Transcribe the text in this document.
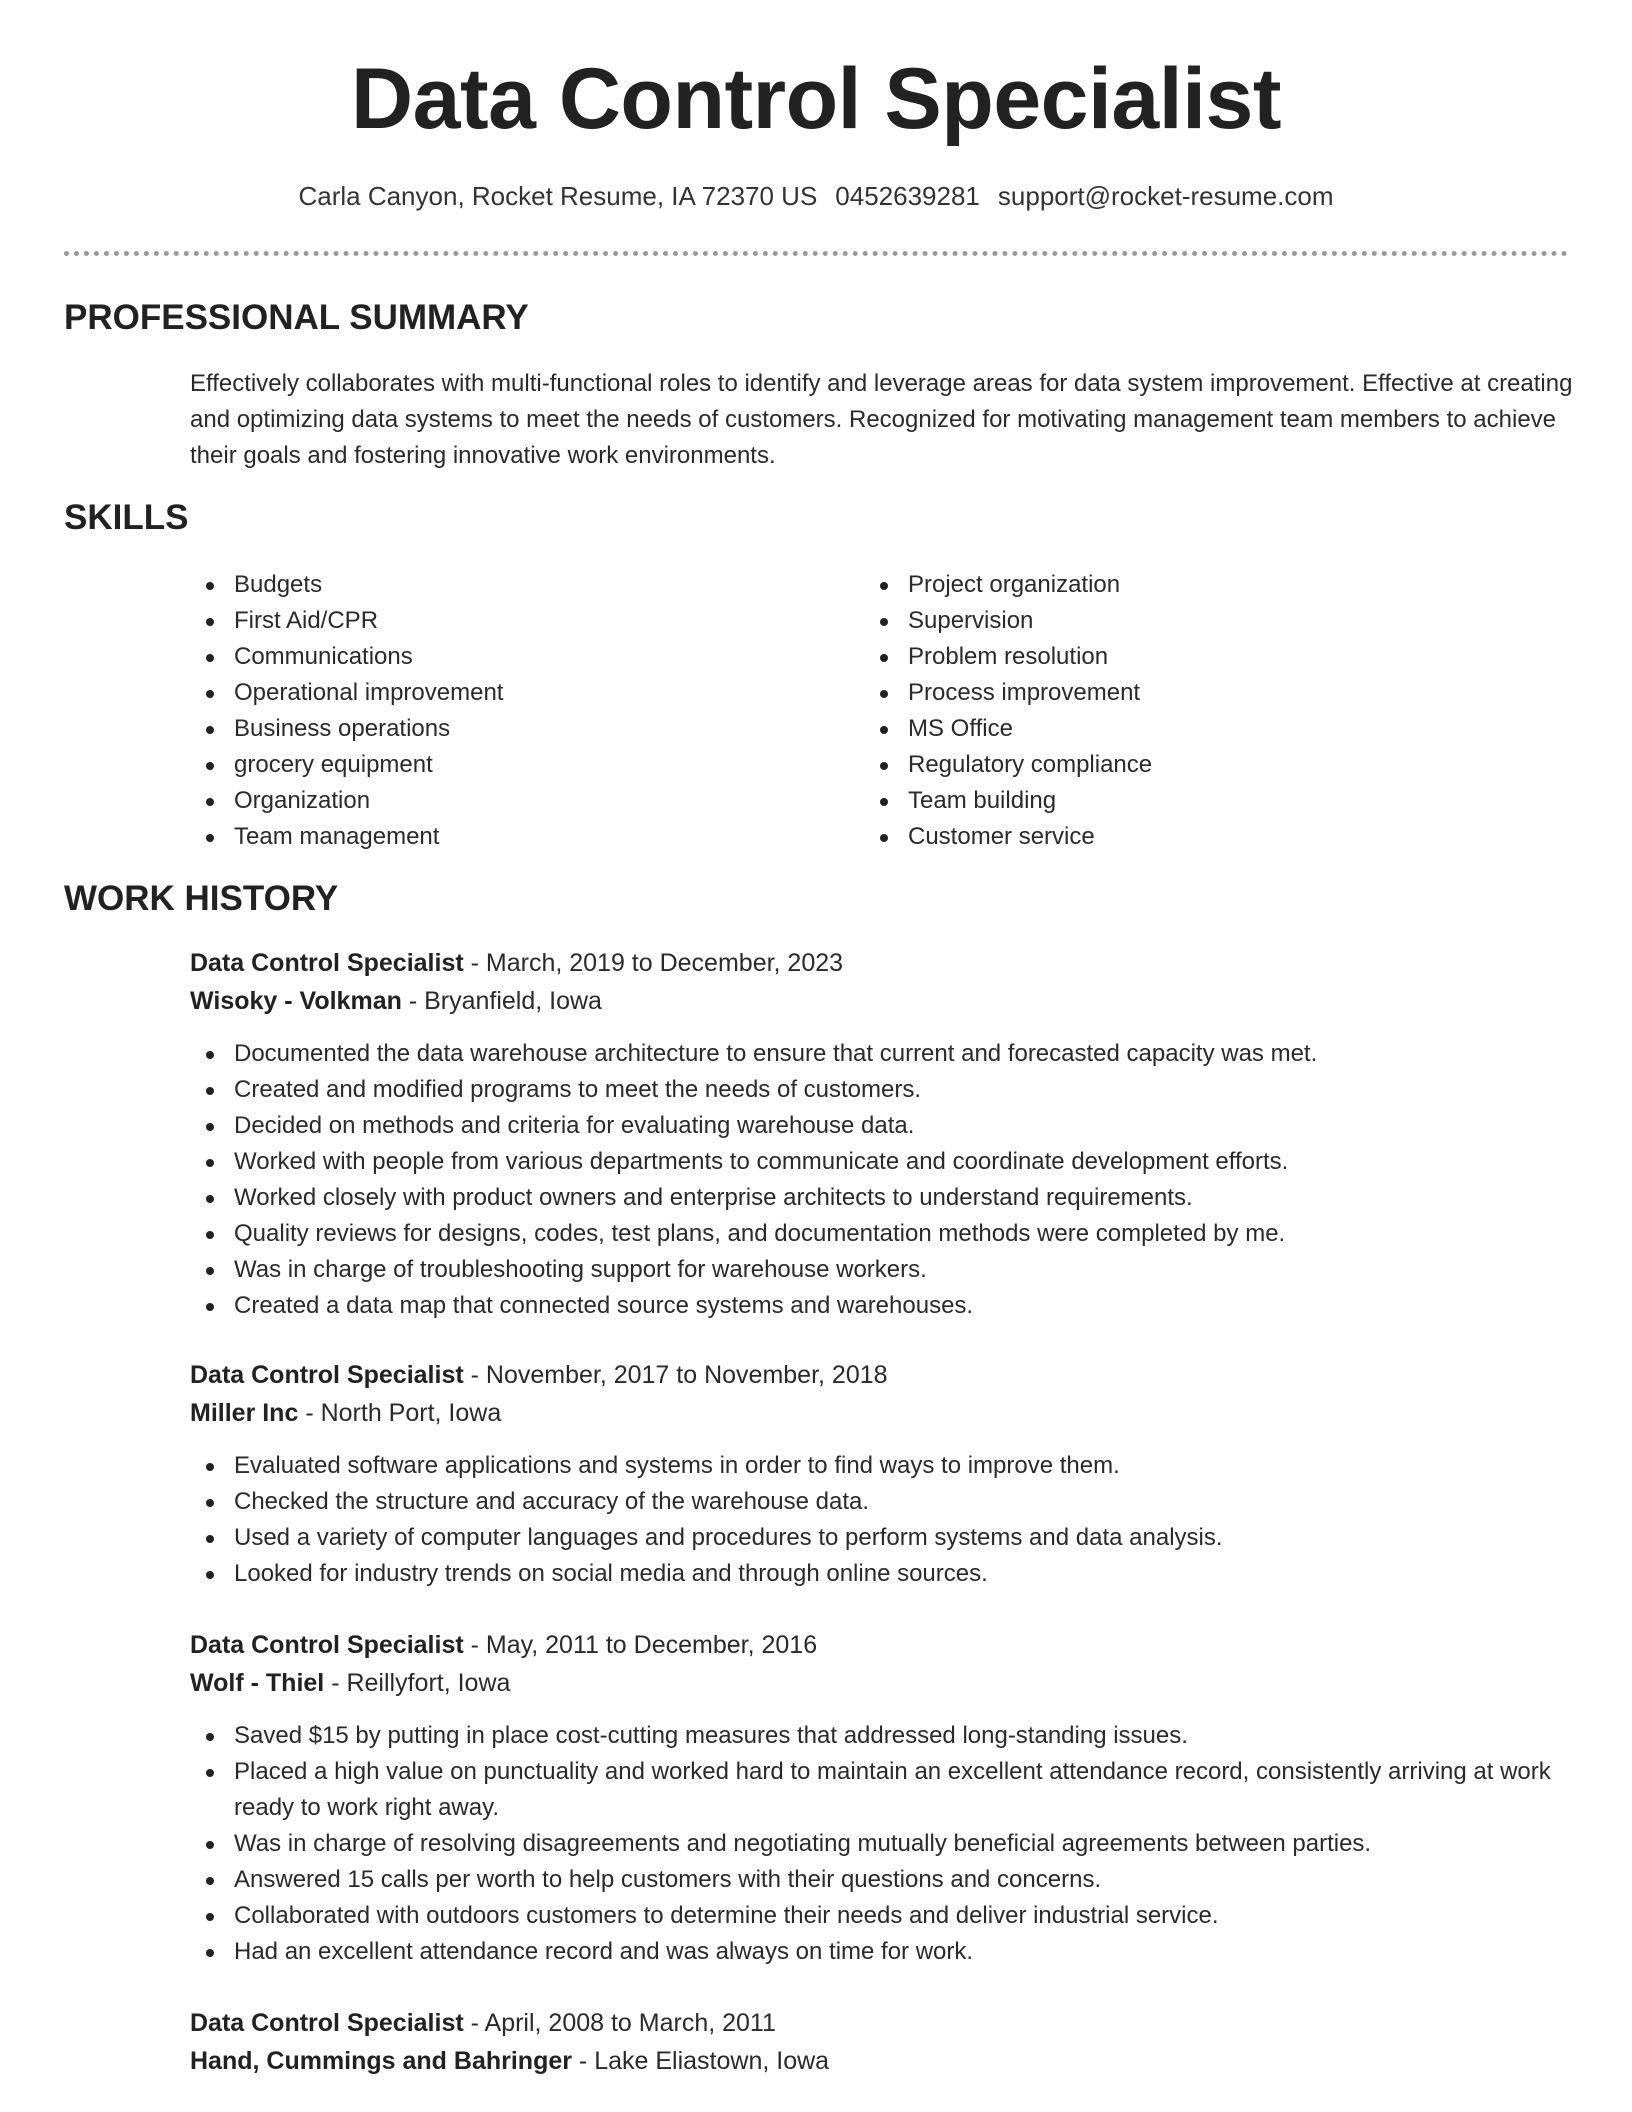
Data Control Specialist
Carla Canyon, Rocket Resume, IA 72370 US 0452639281 support@rocket-resume.com
PROFESSIONAL SUMMARY

Effectively collaborates with multi-functional roles to identify and leverage areas for data system improvement. Effective at creating and optimizing data systems to meet the needs of customers. Recognized for motivating management team members to achieve their goals and fostering innovative work environments.

SKILLS
Budgets
First Aid/CPR
Communications
Operational improvement
Business operations
grocery equipment
Organization
Team management
Project organization
Supervision
Problem resolution
Process improvement
MS Office
Regulatory compliance
Team building
Customer service
WORK HISTORY

Data Control Specialist - March, 2019 to December, 2023

Wisoky - Volkman - Bryanfield, Iowa

Documented the data warehouse architecture to ensure that current and forecasted capacity was met.
Created and modified programs to meet the needs of customers.
Decided on methods and criteria for evaluating warehouse data.
Worked with people from various departments to communicate and coordinate development efforts.
Worked closely with product owners and enterprise architects to understand requirements.
Quality reviews for designs, codes, test plans, and documentation methods were completed by me.
Was in charge of troubleshooting support for warehouse workers.
Created a data map that connected source systems and warehouses.

Data Control Specialist - November, 2017 to November, 2018

Miller Inc - North Port, Iowa

Evaluated software applications and systems in order to find ways to improve them.
Checked the structure and accuracy of the warehouse data.
Used a variety of computer languages and procedures to perform systems and data analysis.
Looked for industry trends on social media and through online sources.

Data Control Specialist - May, 2011 to December, 2016

Wolf - Thiel - Reillyfort, Iowa

Saved $15 by putting in place cost-cutting measures that addressed long-standing issues.
Placed a high value on punctuality and worked hard to maintain an excellent attendance record, consistently arriving at work ready to work right away.
Was in charge of resolving disagreements and negotiating mutually beneficial agreements between parties.
Answered 15 calls per worth to help customers with their questions and concerns.
Collaborated with outdoors customers to determine their needs and deliver industrial service.
Had an excellent attendance record and was always on time for work.

Data Control Specialist - April, 2008 to March, 2011

Hand, Cummings and Bahringer - Lake Eliastown, Iowa
